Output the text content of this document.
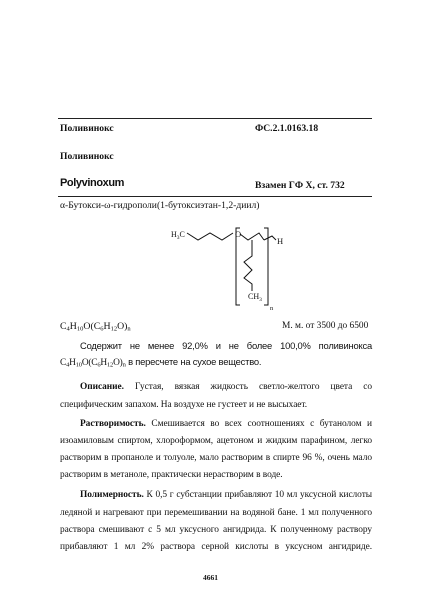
Поливинокс	ФС.2.1.0163.18
Поливинокс
Polyvinoxum	Взамен ГФ X, ст. 732
α-Бутокси-ω-гидрополи(1-бутоксиэтан-1,2-диил)
$H_3C$	O
H
$CH_3$
n
$C_4H_{10}O(C_6H_{12}O)_n$	М. м. от 3500 до 6500
Содержит не менее 92,0% и не более 100,0% поливинокса
$C_4H_{10}O(C_6H_{12}O)_n$ в пересчете на сухое вещество.
Описание. Густая, вязкая жидкость светло-желтого цвета со
специфическим запахом. На воздухе не густеет и не высыхает.
Растворимость. Смешивается во всех соотношениях с бутанолом и
изоамиловым спиртом, хлороформом, ацетоном и жидким парафином, легко
растворим в пропаноле и толуоле, мало растворим в спирте 96 %, очень мало
растворим в метаноле, практически нерастворим в воде.
Полимерность. К 0,5 г субстанции прибавляют 10 мл уксусной кислоты
ледяной и нагревают при перемешивании на водяной бане. 1 мл полученного
раствора смешивают с 5 мл уксусного ангидрида. К полученному раствору
прибавляют 1 мл 2% раствора серной кислоты в уксусном ангидриде.
4661
